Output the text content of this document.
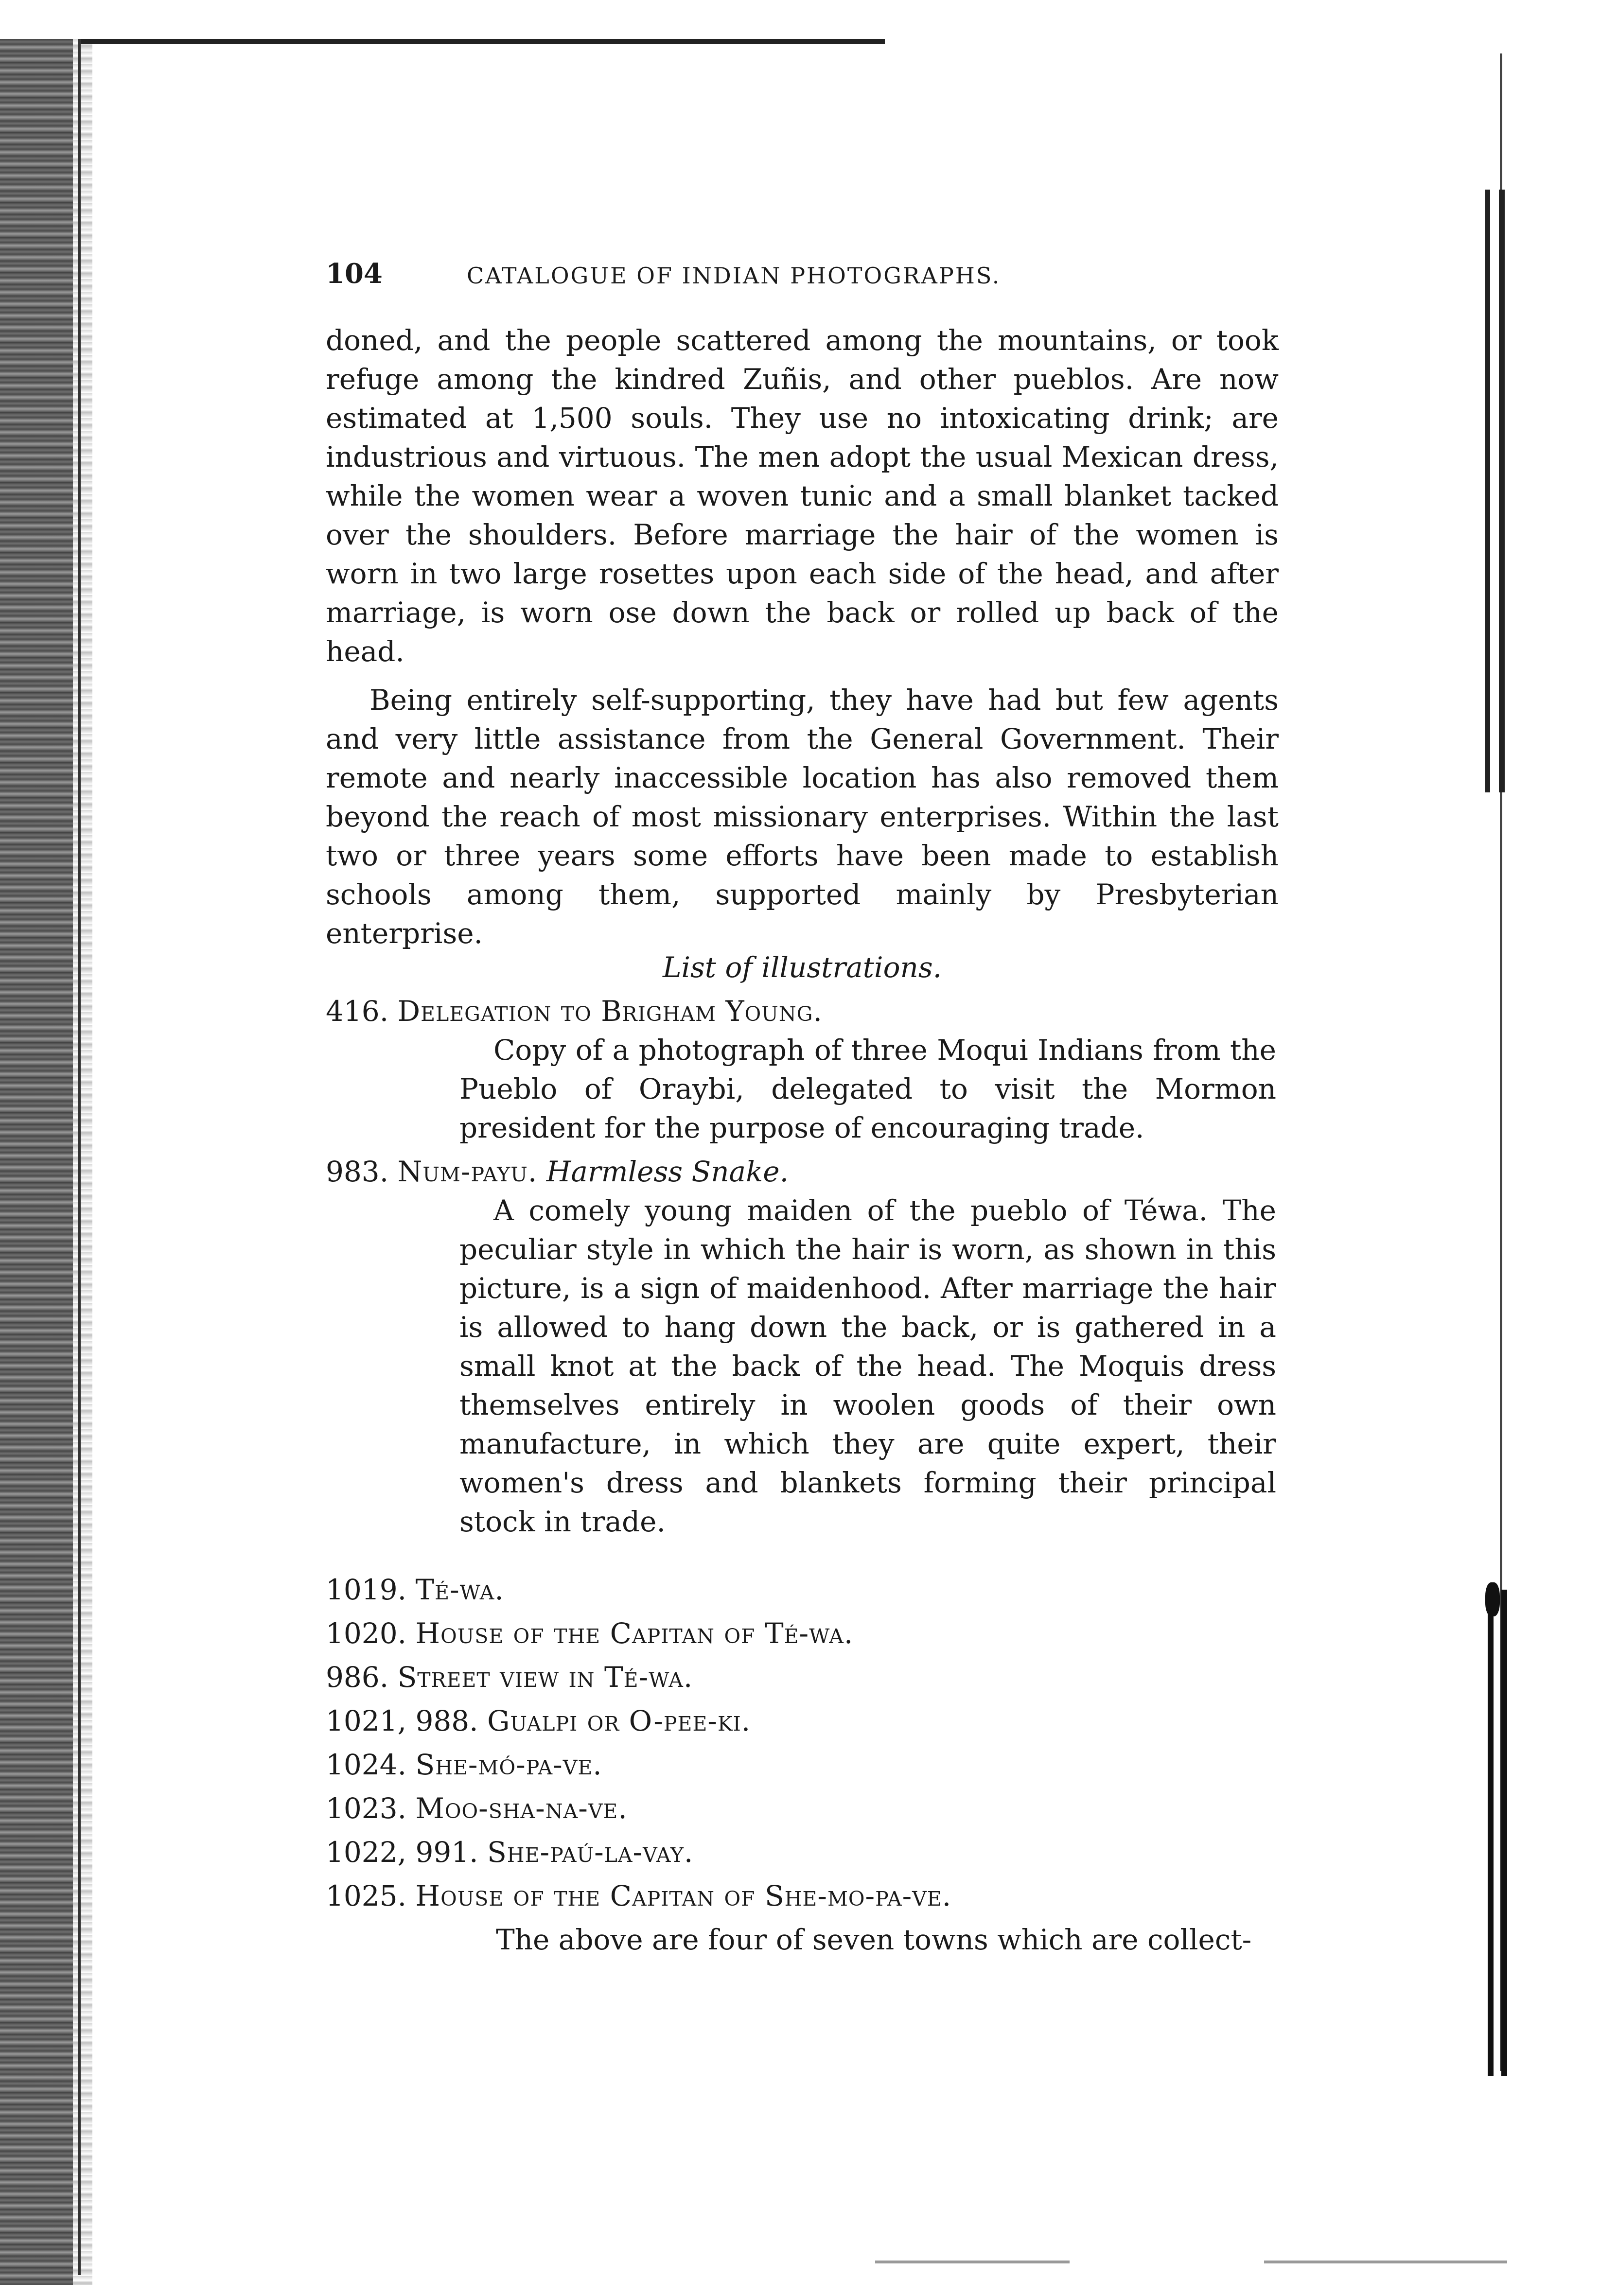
104	CATALOGUE OF INDIAN PHOTOGRAPHS.
doned, and the people scattered among the mountains, or took refuge among the kindred Zuñis, and other pueblos. Are now estimated at 1,500 souls. They use no intoxicating drink; are industrious and virtuous. The men adopt the usual Mexican dress, while the women wear a woven tunic and a small blanket tacked over the shoulders. Before marriage the hair of the women is worn in two large rosettes upon each side of the head, and after marriage, is worn ose down the back or rolled up back of the head.
Being entirely self-supporting, they have had but few agents and very little assistance from the General Government. Their remote and nearly inaccessible location has also removed them beyond the reach of most missionary enterprises. Within the last two or three years some efforts have been made to establish schools among them, supported mainly by Presbyterian enterprise.
List of illustrations.
416. Delegation to Brigham Young.
Copy of a photograph of three Moqui Indians from the Pueblo of Oraybi, delegated to visit the Mormon president for the purpose of encouraging trade.
983. Num-payu. Harmless Snake.
A comely young maiden of the pueblo of Téwa. The peculiar style in which the hair is worn, as shown in this picture, is a sign of maidenhood. After marriage the hair is allowed to hang down the back, or is gathered in a small knot at the back of the head. The Moquis dress themselves entirely in woolen goods of their own manufacture, in which they are quite expert, their women's dress and blankets forming their principal stock in trade.
1019. Té-wa.
1020. House of the Capitan of Té-wa.
986. Street view in Té-wa.
1021, 988. Gualpi or O-pee-ki.
1024. She-mó-pa-ve.
1023. Moo-sha-na-ve.
1022, 991. She-paú-la-vay.
1025. House of the Capitan of She-mo-pa-ve.
The above are four of seven towns which are collect-
